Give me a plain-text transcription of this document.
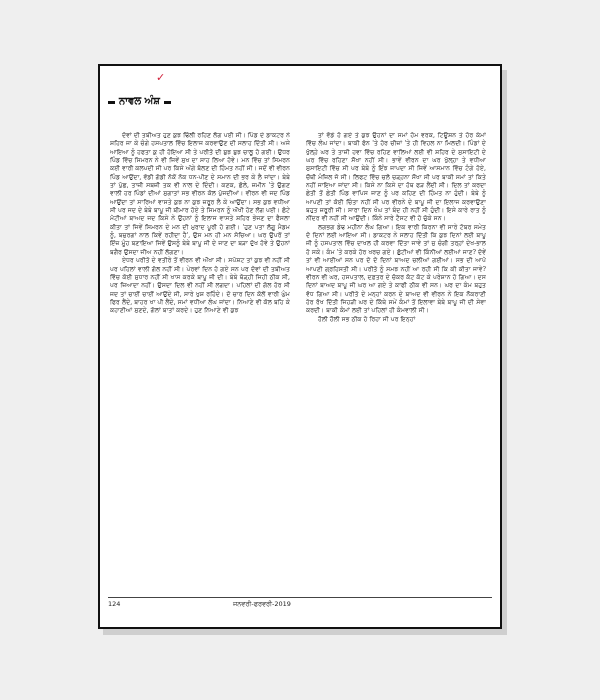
✓
ਨਾਵਲ ਅੰਸ਼

ਦੋਵਾਂ ਦੀ ਤਬੀਅਤ ਹੁਣ ਕੁਝ ਢਿੱਲੀ ਰਹਿਣ ਲੱਗ ਪਈ ਸੀ। ਪਿੰਡ ਦੇ ਡਾਕਟਰ ਨੇ ਸ਼ਹਿਰ ਜਾ ਕੇ ਚੰਗੇ ਹਸਪਤਾਲ ਵਿੱਚ ਇਲਾਜ ਕਰਵਾਉਣ ਦੀ ਸਲਾਹ ਦਿੱਤੀ ਸੀ। ਅਜੇ ਆਇਆ ਨੂੰ ਹਫਤਾ ਕੁ ਹੀ ਹੋਇਆ ਸੀ ਤੇ ਪਰੀਤੋ ਦੀ ਬੁਝ ਬੁਝ ਚਾਲੂ ਹੋ ਗਈ। ਉਧਰ ਪਿੰਡ ਵਿੱਚ ਸਿਮਰਨ ਨੇ ਵੀ ਜਿਵੇਂ ਸੁਖ ਦਾ ਸਾਹ ਲਿਆ ਹੋਵੇ। ਮਨ ਵਿੱਚ ਤਾਂ ਸਿਮਰਨ ਕਈ ਵਾਰੀ ਕਲਪਦੀ ਸੀ ਪਰ ਕਿਸੇ ਅੱਗੇ ਬੋਲਣ ਦੀ ਹਿੰਮਤ ਨਹੀਂ ਸੀ। ਜਦੋਂ ਵੀ ਵੀਰਨ ਪਿੰਡ ਆਉਂਦਾ, ਵੱਡੀ ਗੱਡੀ ਨੱਕੋਂ ਨੱਕ ਧਨ-ਪੀਣ ਦੇ ਸਮਾਨ ਦੀ ਭਰ ਕੇ ਲੈ ਜਾਂਦਾ। ਬੇਬੇ ਤਾਂ ਪੁੱਛ, ਤਾਜ਼ੀ ਸਬਜ਼ੀ ਤਕ ਵੀ ਨਾਲ ਦੇ ਦਿੰਦੀ। ਕਣਕ, ਛੋਲੇ, ਜ਼ਮੀਨ 'ਤੇ ਉਗਣ ਵਾਲੀ ਹਰ ਪਿੰਡਾਂ ਦੀਆਂ ਸੁਗਾਤਾਂ ਸਭ ਵੀਰਨ ਕੋਲ ਪੁੱਜਦੀਆਂ। ਵੀਰਨ ਵੀ ਜਦ ਪਿੰਡ ਆਉਂਦਾ ਤਾਂ ਸਾਰਿਆਂ ਵਾਸਤੇ ਕੁਝ ਨਾ ਕੁਝ ਜ਼ਰੂਰ ਲੈ ਕੇ ਆਉਂਦਾ। ਸਭ ਕੁਝ ਵਧੀਆ ਸੀ ਪਰ ਜਦ ਦੇ ਬੇਬੇ ਬਾਪੂ ਜੀ ਬੀਮਾਰ ਹੋਏ ਤੇ ਸਿਮਰਨ ਨੂੰ ਔਖੀ ਹੋਣ ਲੱਗ ਪਈ। ਛੋਟੇ ਮੋਟੀਆਂ ਬਾਅਦ ਜਦ ਕਿਸੇ ਨੇ ਉਹਨਾਂ ਨੂੰ ਇਲਾਜ ਵਾਸਤੇ ਸ਼ਹਿਰ ਭੇਜਣ ਦਾ ਫੈਸਲਾ ਕੀਤਾ ਤਾਂ ਜਿਵੇਂ ਸਿਮਰਨ ਦੇ ਮਨ ਦੀ ਮੁਰਾਦ ਪੂਰੀ ਹੋ ਗਈ। 'ਹੁਣ ਪਤਾ ਲੱਗੂ ਮੈਡਮ ਨੂੰ, ਬਜ਼ੁਰਗਾਂ ਨਾਲ ਕਿਵੇਂ ਰਹੀਦਾ ਹੈ', ਉਸ ਮਨ ਹੀ ਮਨ ਸੋਚਿਆ। ਘਰ ਉਪਰੋਂ ਤਾਂ ਇੱਜ਼ ਮੂੰਹ ਬਣਾਇਆ ਜਿਵੇਂ ਉਸਨੂੰ ਬੇਬੇ ਬਾਪੂ ਜੀ ਦੇ ਜਾਣ ਦਾ ਬੜਾ ਦੁੱਖ ਹੋਵੇ ਤੇ ਉਹਨਾਂ ਬਗੈਰ ਉਸਦਾ ਜੀਅ ਨਹੀਂ ਲੱਗਣਾ।

ਏਧਰ ਪਰੀਤੋ ਦੇ ਵਤੀਰੇ ਤੋਂ ਵੀਰਨ ਵੀ ਔਖਾ ਸੀ। ਸਪੱਸ਼ਟ ਤਾਂ ਕੁਝ ਵੀ ਨਹੀਂ ਸੀ ਪਰ ਪਹਿਲਾਂ ਵਾਲੀ ਗੱਲ ਨਹੀਂ ਸੀ। ਪੇਰਵਾਂ ਦਿਨ ਹੋ ਗਏ ਸਨ ਪਰ ਦੋਵਾਂ ਦੀ ਤਬੀਅਤ ਵਿੱਚ ਕੋਈ ਸੁਧਾਰ ਨਹੀਂ ਸੀ ਖਾਸ ਕਰਕੇ ਬਾਪੂ ਜੀ ਦੀ। ਬੇਬੇ ਥੋੜ੍ਹੀ ਜਿਹੀ ਠੀਕ ਸੀ, ਪਰ ਜ਼ਿਆਦਾ ਨਹੀਂ। ਉਸਦਾ ਦਿਲ ਵੀ ਨਹੀਂ ਸੀ ਲਗਦਾ। ਪਹਿਲਾਂ ਦੀ ਗੱਲ ਹੋਰ ਸੀ ਜਦ ਤਾਂ ਚਾਈਂ ਚਾਈਂ ਆਉਂਦੇ ਸੀ, ਸਾਰੇ ਖੁਸ਼ ਰਹਿੰਦੇ। ਦੋ ਚਾਰ ਦਿਨ ਕੋਲੋਂ ਵਾਰੀ ਘੁੰਮ ਫਿਰ ਲੈਂਦੇ, ਬਾਹਰ ਖਾ ਪੀ ਲੈਂਦੇ, ਸਮਾਂ ਵਧੀਆ ਲੰਘ ਜਾਂਦਾ। ਨਿਆਣੇ ਵੀ ਕੋਲ ਬਹਿ ਕੇ ਕਹਾਣੀਆਂ ਸੁਣਦੇ, ਗੱਲਾਂ ਬਾਤਾਂ ਕਰਦੇ। ਹੁਣ ਨਿਆਣੇ ਵੀ ਕੁਝ

ਤਾਂ ਵੱਡੇ ਹੋ ਗਏ ਤੇ ਕੁਝ ਉਹਨਾਂ ਦਾ ਸਮਾਂ ਹੋਮ ਵਰਕ, ਟਿਊਸ਼ਨ ਤੇ ਹੋਰ ਕੰਮਾਂ ਵਿੱਚ ਲੰਘ ਜਾਂਦਾ। ਬਾਕੀ ਫੋਨ 'ਤੇ ਹੋਰ ਚੀਜ਼ਾਂ 'ਤੇ ਹੀ ਵਿਹਲ ਨਾ ਮਿਲਦੀ। ਪਿੰਡਾਂ ਦੇ ਖੁੱਲ੍ਹੇ ਘਰ ਤੇ ਤਾਜ਼ੀ ਹਵਾ ਵਿੱਚ ਰਹਿਣ ਵਾਲਿਆਂ ਲਈ ਵੀ ਸ਼ਹਿਰ ਦੇ ਸੁਸਾਇਟੀ ਦੇ ਘਰ ਵਿੱਚ ਰਹਿਣਾ ਸੌਖਾ ਨਹੀਂ ਸੀ। ਭਾਵੇਂ ਵੀਰਨ ਦਾ ਘਰ ਖੁੱਲ੍ਹਾ ਤੇ ਵਧੀਆ ਸੁਸਾਇਟੀ ਵਿੱਚ ਸੀ ਪਰ ਬੇਬੇ ਨੂੰ ਇੰਝ ਜਾਪਦਾ ਸੀ ਜਿਵੇਂ ਆਸਮਾਨ ਵਿੱਚ ਟੰਗੇ ਹੋਏ, ਚੌਥੀ ਮੰਜ਼ਿਲ ਜੋ ਸੀ। ਲਿਫਟ ਵਿੱਚ ਚਲੋ ਚੜ੍ਹਨਾ ਸੌਖਾ ਸੀ ਪਰ ਬਾਕੀ ਸਮਾਂ ਤਾਂ ਕਿਤੇ ਨਹੀਂ ਜਾਇਆ ਜਾਂਦਾ ਸੀ। ਕਿਸੇ ਨਾ ਕਿਸੇ ਦਾ ਹੱਥ ਫੜ ਲੈਂਦੀ ਸੀ। ਦਿਲ ਤਾਂ ਕਰਦਾ ਛੇਤੀ ਤੋਂ ਛੇਤੀ ਪਿੰਡ ਵਾਪਿਸ ਜਾਣ ਨੂੰ ਪਰ ਕਹਿਣ ਦੀ ਹਿੰਮਤ ਨਾ ਹੁੰਦੀ। ਬੇਬੇ ਨੂੰ ਆਪਣੀ ਤਾਂ ਕੋਈ ਚਿੰਤਾ ਨਹੀਂ ਸੀ ਪਰ ਵੀਰਨੇ ਦੇ ਬਾਪੂ ਜੀ ਦਾ ਇਲਾਜ ਕਰਵਾਉਣਾ ਬਹੁਤ ਜ਼ਰੂਰੀ ਸੀ। ਸਾਰਾ ਦਿਨ ਖੰਘ ਤਾਂ ਬੰਦ ਹੀ ਨਹੀਂ ਸੀ ਹੁੰਦੀ। ਇਸੇ ਕਾਰੇ ਰਾਤ ਨੂੰ ਨੀਂਦਰ ਵੀ ਨਹੀਂ ਸੀ ਆਉਂਦੀ। ਕਿੰਨੇ ਸਾਰੇ ਟੈਸਟ ਵੀ ਹੋ ਚੁੱਕੇ ਸਨ।

ਲਗਭਗ ਡੇਢ ਮਹੀਨਾ ਲੰਘ ਗਿਆ। ਇਕ ਵਾਰੀ ਕਿਰਨਾ ਵੀ ਸਾਰੇ ਟੱਬਰ ਸਮੇਤ ਦੋ ਦਿਨਾਂ ਲਈ ਆਇਆ ਸੀ। ਡਾਕਟਰ ਨੇ ਸਲਾਹ ਦਿੱਤੀ ਕਿ ਕੁਝ ਦਿਨਾਂ ਲਈ ਬਾਪੂ ਜੀ ਨੂੰ ਹਸਪਤਾਲ ਵਿੱਚ ਦਾਖਲ ਹੀ ਕਰਵਾ ਦਿੱਤਾ ਜਾਵੇ ਤਾਂ ਜੁ ਚੰਗੀ ਤਰ੍ਹਾਂ ਦੇਖ-ਭਾਲ ਹੋ ਸਕੇ। ਕੰਮ 'ਤੇ ਕਰਕੇ ਹੋਰ ਖਰਚ ਗਏ। ਛੁੱਟੀਆਂ ਵੀ ਕਿੰਨੀਆਂ ਲਈਆਂ ਜਾਣ? ਦੋਵੇਂ ਤਾਂ ਵੀ ਆਈਆਂ ਸਨ ਪਰ ਦੋ ਦੋ ਦਿਨਾਂ ਬਾਅਦ ਚਲੀਆਂ ਗਈਆਂ। ਸਭ ਦੀ ਆਪੋ ਆਪਣੀ ਗ੍ਰਹਿਸਤੀ ਸੀ। ਪਰੀਤੋ ਨੂੰ ਸਮਝ ਨਹੀਂ ਆ ਰਹੀ ਸੀ ਕਿ ਕੀ ਕੀਤਾ ਜਾਵੇ? ਵੀਰਨ ਵੀ ਘਰ, ਹਸਪਤਾਲ, ਦਫ਼ਤਰ ਦੇ ਚੱਕਰ ਕੱਟ ਕੱਟ ਕੇ ਪਰੇਸ਼ਾਨ ਹੋ ਗਿਆ। ਦਸ ਦਿਨਾਂ ਬਾਅਦ ਬਾਪੂ ਜੀ ਘਰ ਆ ਗਏ ਤੇ ਕਾਫੀ ਠੀਕ ਵੀ ਸਨ। ਘਰ ਦਾ ਕੰਮ ਬਹੁਤ ਵੱਧ ਗਿਆ ਸੀ। ਪਰੀਤੋ ਦੇ ਮਨ੍ਹਾਂ ਕਰਨ ਦੇ ਬਾਅਦ ਵੀ ਵੀਰਨ ਨੇ ਇਕ ਨੌਕਰਾਣੀ ਹੋਰ ਰੱਖ ਦਿੱਤੀ ਜਿਹੜੀ ਘਰ ਦੇ ਕਿੱਥੇ ਸਮੇਂ ਕੰਮਾਂ ਤੋਂ ਇਲਾਵਾ ਬੇਬੇ ਬਾਪੂ ਜੀ ਦੀ ਸੇਵਾ ਕਰਦੀ। ਬਾਕੀ ਕੰਮਾਂ ਲਈ ਤਾਂ ਪਹਿਲਾਂ ਹੀ ਕੰਮਵਾਲੀ ਸੀ।

ਹੌਲੀ ਹੌਲੀ ਸਭ ਠੀਕ ਹੋ ਰਿਹਾ ਸੀ ਪਰ ਇਨ੍ਹਾਂ

124	ਜਨਵਰੀ-ਫਰਵਰੀ-2019
